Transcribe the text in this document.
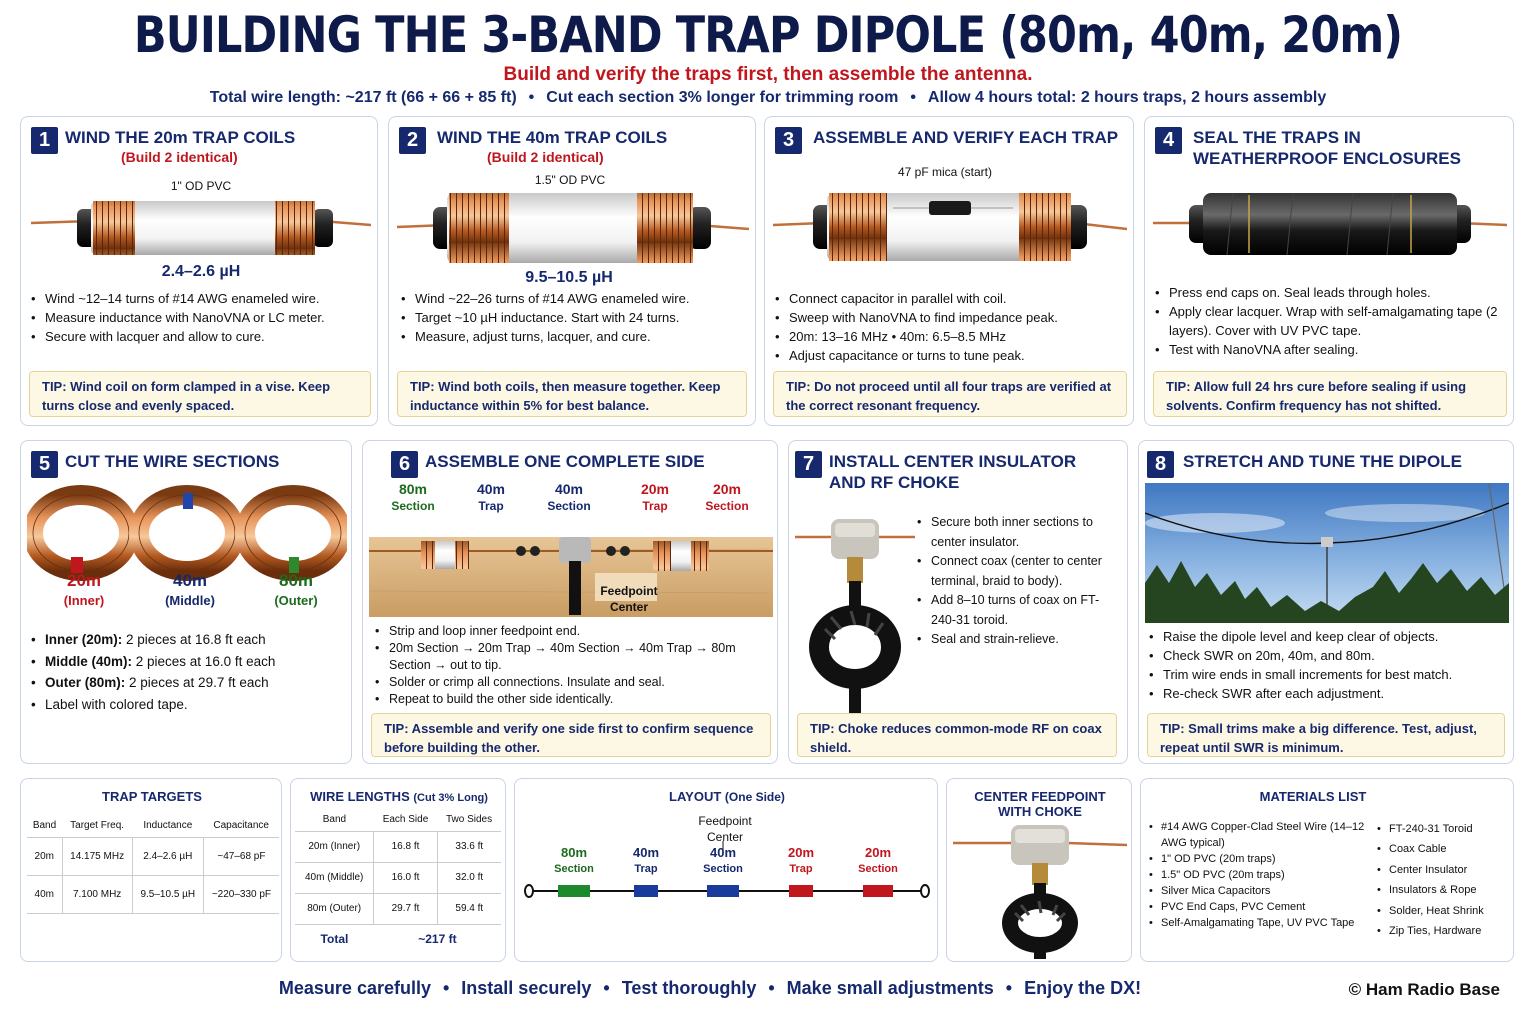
BUILDING THE 3-BAND TRAP DIPOLE (80m, 40m, 20m)
Build and verify the traps first, then assemble the antenna.
Total wire length: ~217 ft (66 + 66 + 85 ft) • Cut each section 3% longer for trimming room • Allow 4 hours total: 2 hours traps, 2 hours assembly
1 WIND THE 20m TRAP COILS
(Build 2 identical)
1" OD PVC
2.4–2.6 µH
• Wind ~12–14 turns of #14 AWG enameled wire.
• Measure inductance with NanoVNA or LC meter.
• Secure with lacquer and allow to cure.
TIP: Wind coil on form clamped in a vise. Keep turns close and evenly spaced.
2	WIND THE 40m TRAP COILS
(Build 2 identical)
1.5" OD PVC
9.5–10.5 µH
• Wind ~22–26 turns of #14 AWG enameled wire.
• Target ~10 µH inductance. Start with 24 turns.
• Measure, adjust turns, lacquer, and cure.
TIP: Wind both coils, then measure together. Keep inductance within 5% for best balance.
3	ASSEMBLE AND VERIFY EACH TRAP
47 pF mica (start)
• Connect capacitor in parallel with coil.
• Sweep with NanoVNA to find impedance peak.
• 20m: 13–16 MHz • 40m: 6.5–8.5 MHz
• Adjust capacitance or turns to tune peak.
TIP: Do not proceed until all four traps are verified at the correct resonant frequency.
4	SEAL THE TRAPS IN WEATHERPROOF ENCLOSURES
• Press end caps on. Seal leads through holes.
• Apply clear lacquer. Wrap with self-amalgamating tape (2 layers). Cover with UV PVC tape.
• Test with NanoVNA after sealing.
TIP: Allow full 24 hrs cure before sealing if using solvents. Confirm frequency has not shifted.
5 CUT THE WIRE SECTIONS
20m
(Inner)
40m
(Middle)
80m
(Outer)
• Inner (20m): 2 pieces at 16.8 ft each
• Middle (40m): 2 pieces at 16.0 ft each
• Outer (80m): 2 pieces at 29.7 ft each
• Label with colored tape.
6 ASSEMBLE ONE COMPLETE SIDE
80m
Section
40m
Trap
40m
Section
20m
Trap
20m
Section
Feedpoint
Center
• Strip and loop inner feedpoint end.
• 20m Section → 20m Trap → 40m Section → 40m Trap → 80m Section → out to tip.
• Solder or crimp all connections. Insulate and seal.
• Repeat to build the other side identically.
TIP: Assemble and verify one side first to confirm sequence before building the other.
7 INSTALL CENTER INSULATOR AND RF CHOKE
• Secure both inner sections to center insulator.
• Connect coax (center to center terminal, braid to body).
• Add 8–10 turns of coax on FT-240-31 toroid.
• Seal and strain-relieve.
TIP: Choke reduces common-mode RF on coax shield.
8 STRETCH AND TUNE THE DIPOLE
• Raise the dipole level and keep clear of objects.
• Check SWR on 20m, 40m, and 80m.
• Trim wire ends in small increments for best match.
• Re-check SWR after each adjustment.
TIP: Small trims make a big difference. Test, adjust, repeat until SWR is minimum.
TRAP TARGETS
Band	Target Freq.	Inductance	Capacitance
20m	14.175 MHz	2.4–2.6 µH	~47–68 pF
40m	7.100 MHz	9.5–10.5 µH	~220–330 pF
WIRE LENGTHS (Cut 3% Long)
Band	Each Side	Two Sides
20m (Inner)	16.8 ft	33.6 ft
40m (Middle)	16.0 ft	32.0 ft
80m (Outer)	29.7 ft	59.4 ft
Total	~217 ft	
LAYOUT (One Side)
Feedpoint
Center
80m
Section
40m
Trap
40m
Section
20m
Trap
20m
Section
CENTER FEEDPOINT WITH CHOKE
MATERIALS LIST
• #14 AWG Copper-Clad Steel Wire (14–12 AWG typical)
• 1" OD PVC (20m traps)
• 1.5" OD PVC (20m traps)
• Silver Mica Capacitors
• PVC End Caps, PVC Cement
• Self-Amalgamating Tape, UV PVC Tape
• FT-240-31 Toroid
• Coax Cable
• Center Insulator
• Insulators & Rope
• Solder, Heat Shrink
• Zip Ties, Hardware
Measure carefully • Install securely • Test thoroughly • Make small adjustments • Enjoy the DX!	© Ham Radio Base
